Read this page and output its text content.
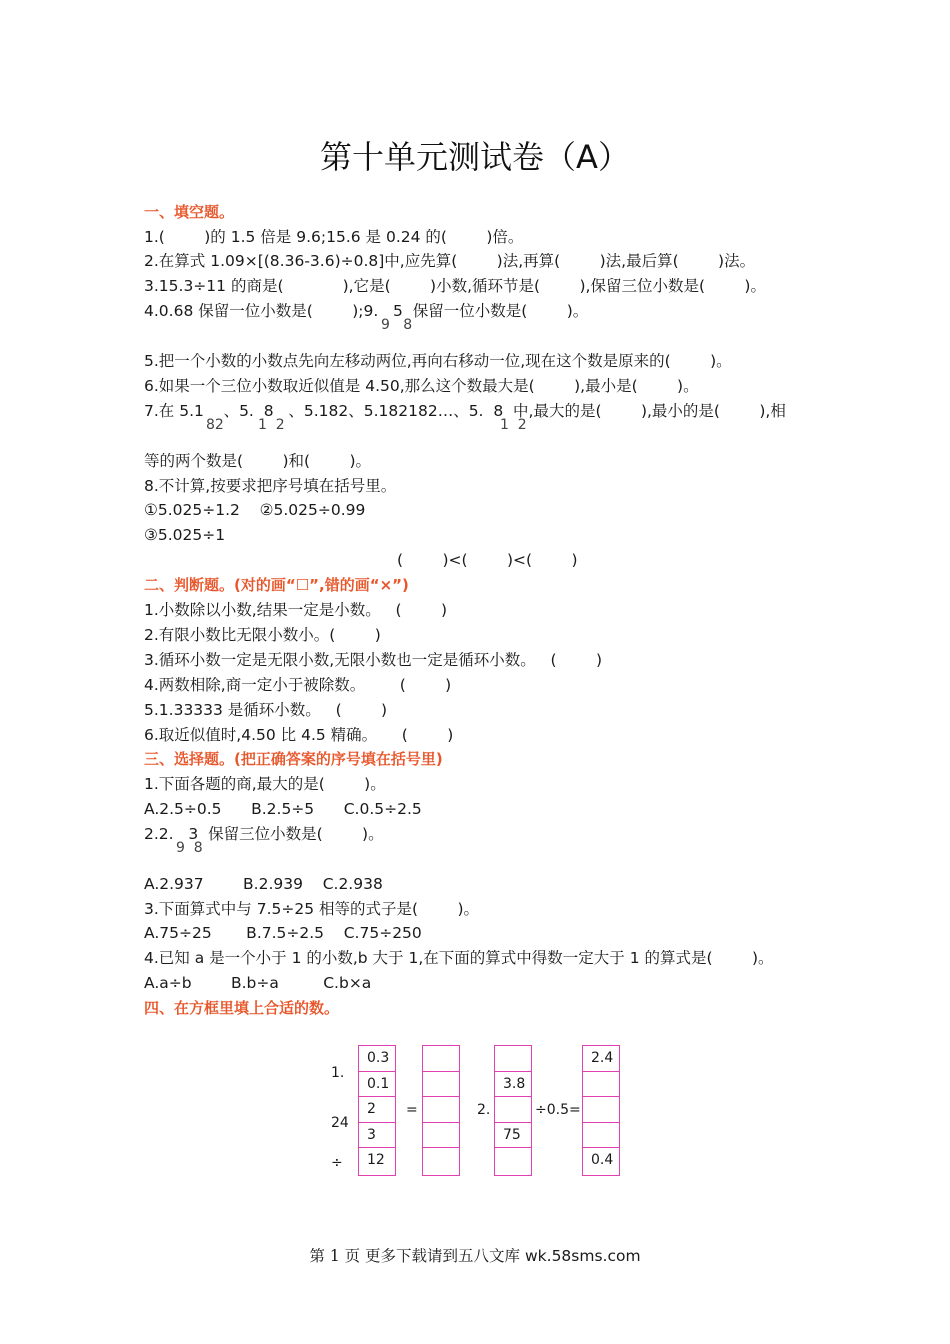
第十单元测试卷（A）
一、填空题。
1.(        )的 1.5 倍是 9.6;15.6 是 0.24 的(        )倍。
2.在算式 1.09×[(8.36-3.6)÷0.8]中,应先算(        )法,再算(        )法,最后算(        )法。
3.15.3÷11 的商是(            ),它是(        )小数,循环节是(        ),保留三位小数是(        )。
4.0.68 保留一位小数是(        );9.   5  保留一位小数是(        )。
9   8
5.把一个小数的小数点先向左移动两位,再向右移动一位,现在这个数是原来的(        )。
6.如果一个三位小数取近似值是 4.50,那么这个数最大是(        ),最小是(        )。
7.在 5.1    、5.  8   、5.182、5.182182…、5.  8  中,最大的是(        ),最小的是(        ),相
82 1  2	1  2
等的两个数是(        )和(        )。
8.不计算,按要求把序号填在括号里。
①5.025÷1.2    ②5.025÷0.99
③5.025÷1
(        )<(        )<(        )
二、判断题。(对的画“☐”,错的画“×”)
1.小数除以小数,结果一定是小数。   (        )
2.有限小数比无限小数小。(        )
3.循环小数一定是无限小数,无限小数也一定是循环小数。   (        )
4.两数相除,商一定小于被除数。       (        )
5.1.33333 是循环小数。   (        )
6.取近似值时,4.50 比 4.5 精确。     (        )
三、选择题。(把正确答案的序号填在括号里)
1.下面各题的商,最大的是(        )。
A.2.5÷0.5      B.2.5÷5      C.0.5÷2.5
2.2.   3  保留三位小数是(        )。
9  8
A.2.937        B.2.939    C.2.938
3.下面算式中与 7.5÷25 相等的式子是(        )。
A.75÷25       B.7.5÷2.5    C.75÷250
4.已知 a 是一个小于 1 的小数,b 大于 1,在下面的算式中得数一定大于 1 的算式是(        )。
A.a÷b        B.b÷a         C.b×a
四、在方框里填上合适的数。
1.
24

÷
0.3
0.1
2
3
12
=	2.
3.8
75
÷0.5=
2.4
0.4
第 1 页 更多下载请到五八文库 wk.58sms.com
